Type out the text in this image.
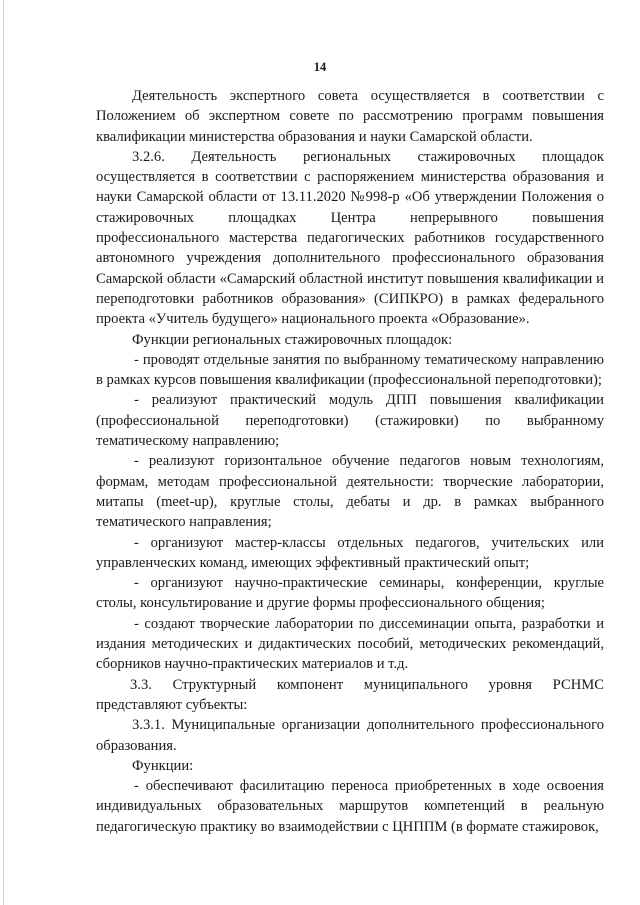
14

Деятельность экспертного совета осуществляется в соответствии с Положением об экспертном совете по рассмотрению программ повышения квалификации министерства образования и науки Самарской области.

3.2.6. Деятельность региональных стажировочных площадок осуществляется в соответствии с распоряжением министерства образования и науки Самарской области от 13.11.2020 №998-р «Об утверждении Положения о стажировочных площадках Центра непрерывного повышения профессионального мастерства педагогических работников государственного автономного учреждения дополнительного профессионального образования Самарской области «Самарский областной институт повышения квалификации и переподготовки работников образования» (СИПКРО) в рамках федерального проекта «Учитель будущего» национального проекта «Образование».

Функции региональных стажировочных площадок:

- проводят отдельные занятия по выбранному тематическому направлению в рамках курсов повышения квалификации (профессиональной переподготовки);

- реализуют практический модуль ДПП повышения квалификации (профессиональной переподготовки) (стажировки) по выбранному тематическому направлению;

- реализуют горизонтальное обучение педагогов новым технологиям, формам, методам профессиональной деятельности: творческие лаборатории, митапы (meet-up), круглые столы, дебаты и др. в рамках выбранного тематического направления;

- организуют мастер-классы отдельных педагогов, учительских или управленческих команд, имеющих эффективный практический опыт;

- организуют научно-практические семинары, конференции, круглые столы, консультирование и другие формы профессионального общения;

- создают творческие лаборатории по диссеминации опыта, разработки и издания методических и дидактических пособий, методических рекомендаций, сборников научно-практических материалов и т.д.

3.3. Структурный компонент муниципального уровня РСНМС

представляют субъекты:

3.3.1. Муниципальные организации дополнительного профессионального образования.

Функции:

- обеспечивают фасилитацию переноса приобретенных в ходе освоения индивидуальных образовательных маршрутов компетенций в реальную педагогическую практику во взаимодействии с ЦНППМ (в формате стажировок,
